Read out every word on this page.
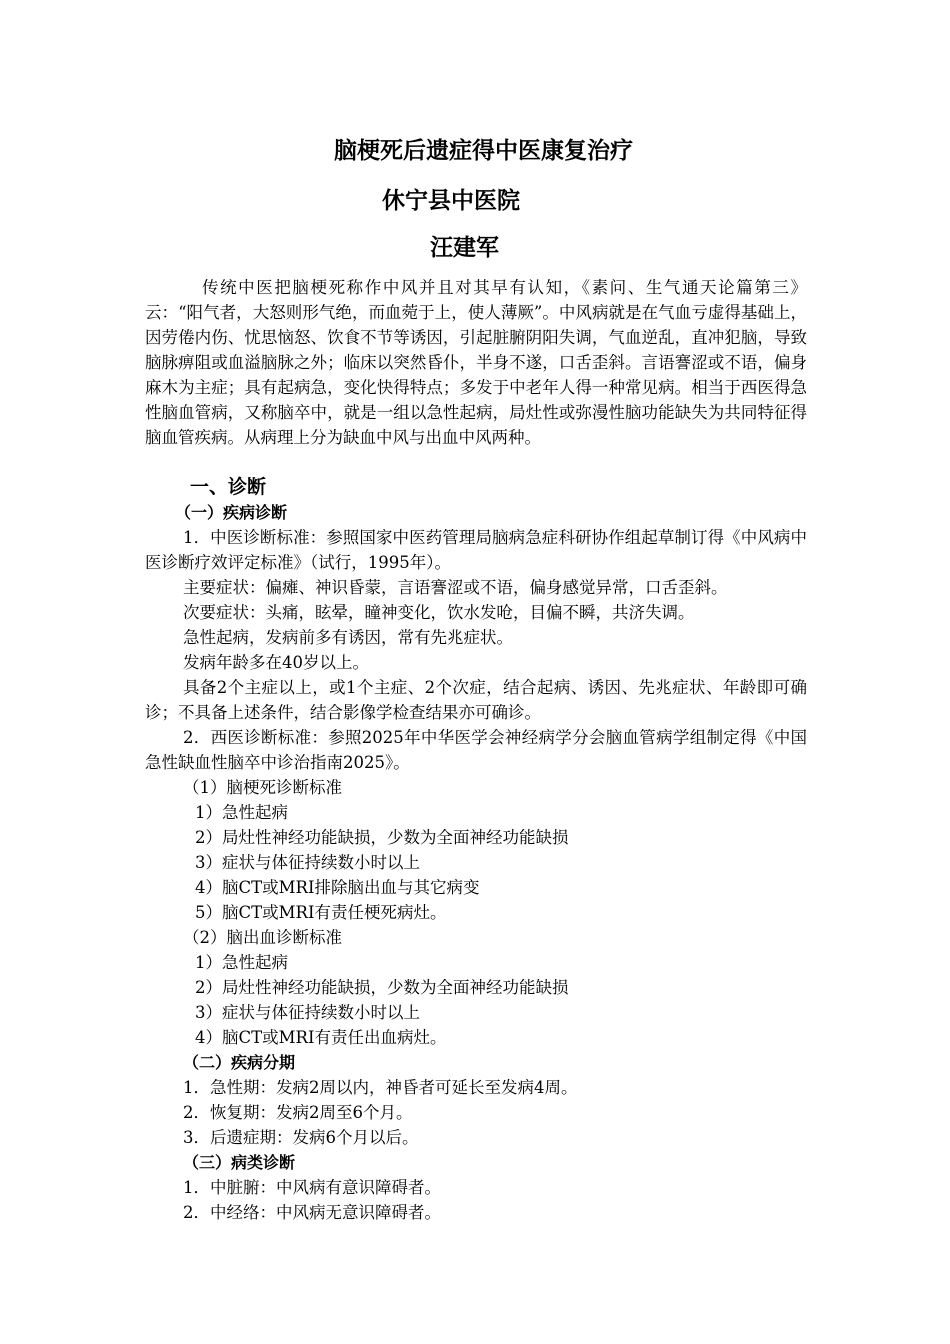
脑梗死后遗症得中医康复治疗
休宁县中医院
汪建军
传统中医把脑梗死称作中风并且对其早有认知，《素问、生气通天论篇第三》云：“阳气者，大怒则形气绝，而血菀于上，使人薄厥”。中风病就是在气血亏虚得基础上，因劳倦内伤、忧思恼怒、饮食不节等诱因，引起脏腑阴阳失调，气血逆乱，直冲犯脑，导致脑脉痹阻或血溢脑脉之外；临床以突然昏仆，半身不遂，口舌歪斜。言语謇涩或不语，偏身麻木为主症；具有起病急，变化快得特点；多发于中老年人得一种常见病。相当于西医得急性脑血管病，又称脑卒中，就是一组以急性起病，局灶性或弥漫性脑功能缺失为共同特征得脑血管疾病。从病理上分为缺血中风与出血中风两种。
一、诊断
（一）疾病诊断
1．中医诊断标准：参照国家中医药管理局脑病急症科研协作组起草制订得《中风病中医诊断疗效评定标准》（试行，1995年）。
主要症状：偏瘫、神识昏蒙，言语謇涩或不语，偏身感觉异常，口舌歪斜。
次要症状：头痛，眩晕，瞳神变化，饮水发呛，目偏不瞬，共济失调。
急性起病，发病前多有诱因，常有先兆症状。
发病年龄多在40岁以上。
具备2个主症以上，或1个主症、2个次症，结合起病、诱因、先兆症状、年龄即可确诊；不具备上述条件，结合影像学检查结果亦可确诊。
2．西医诊断标准：参照2025年中华医学会神经病学分会脑血管病学组制定得《中国急性缺血性脑卒中诊治指南2025》。
（1）脑梗死诊断标准
1）急性起病
2）局灶性神经功能缺损，少数为全面神经功能缺损
3）症状与体征持续数小时以上
4）脑CT或MRI排除脑出血与其它病变
5）脑CT或MRI有责任梗死病灶。
（2）脑出血诊断标准
1）急性起病
2）局灶性神经功能缺损，少数为全面神经功能缺损
3）症状与体征持续数小时以上
4）脑CT或MRI有责任出血病灶。
（二）疾病分期
1．急性期：发病2周以内，神昏者可延长至发病4周。
2．恢复期：发病2周至6个月。
3．后遗症期：发病6个月以后。
（三）病类诊断
1．中脏腑：中风病有意识障碍者。
2．中经络：中风病无意识障碍者。
